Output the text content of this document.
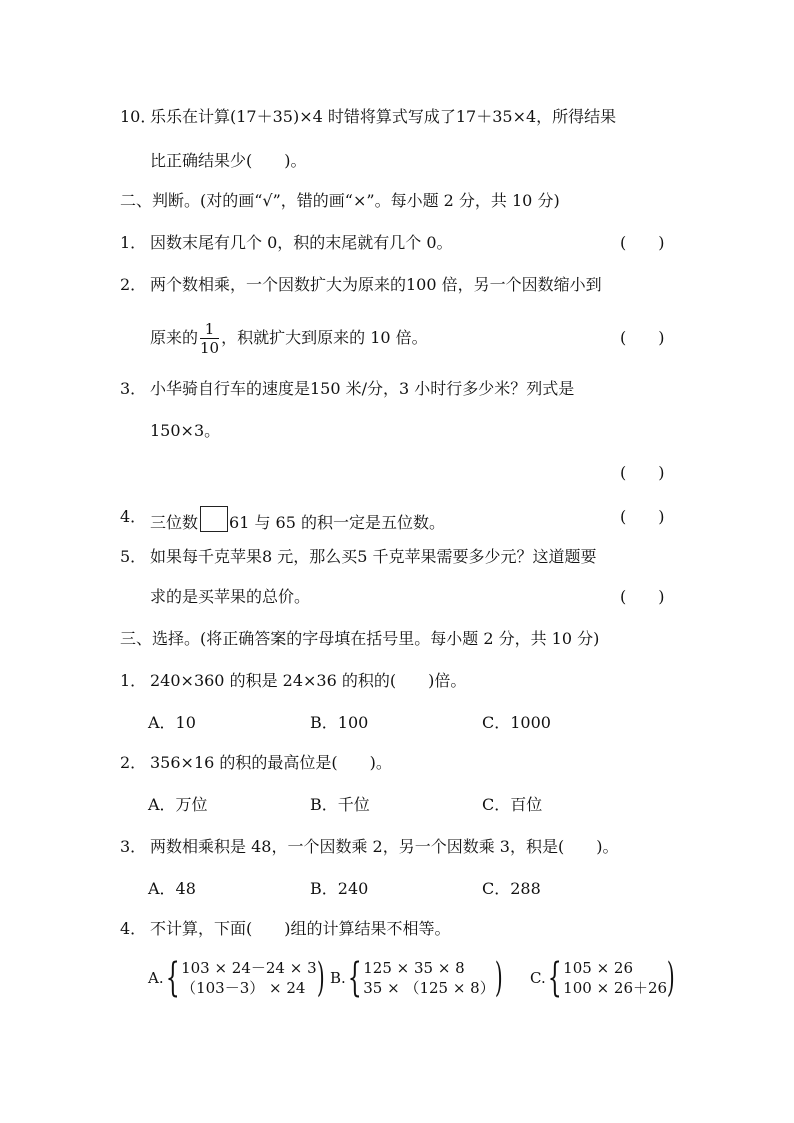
10．
乐乐在计算(17＋35)×4 时错将算式写成了17＋35×4，所得结果
比正确结果少(　　)。
二、判断。(对的画“√”，错的画“×”。每小题 2 分，共 10 分)
1． 因数末尾有几个 0，积的末尾就有几个 0。	(　　)
2． 两个数相乘，一个因数扩大为原来的100 倍，另一个因数缩小到
原来的 $\frac{1}{10}$ ，积就扩大到原来的 10 倍。	(　　)
3． 小华骑自行车的速度是150 米/分，3 小时行多少米？列式是
150×3。
(　　)
4． 三位数 61 与 65 的积一定是五位数。	(　　)
5． 如果每千克苹果8 元，那么买5 千克苹果需要多少元？这道题要
求的是买苹果的总价。	(　　)
三、选择。(将正确答案的字母填在括号里。每小题 2 分，共 10 分)
1． 240×360 的积是 24×36 的积的(　　)倍。
A．10	B．100	C．1000
2． 356×16 的积的最高位是(　　)。
A．万位	B．千位	C．百位
3． 两数相乘积是 48，一个因数乘 2，另一个因数乘 3，积是(　　)。
A．48	B．240	C．288
4． 不计算，下面(　　)组的计算结果不相等。
A.{ 103 × 24－24 × 3
（103－3） × 24 ) B.{ 125 × 35 × 8
35 × （125 × 8） ) C.{ 105 × 26
100 × 26＋26 )
